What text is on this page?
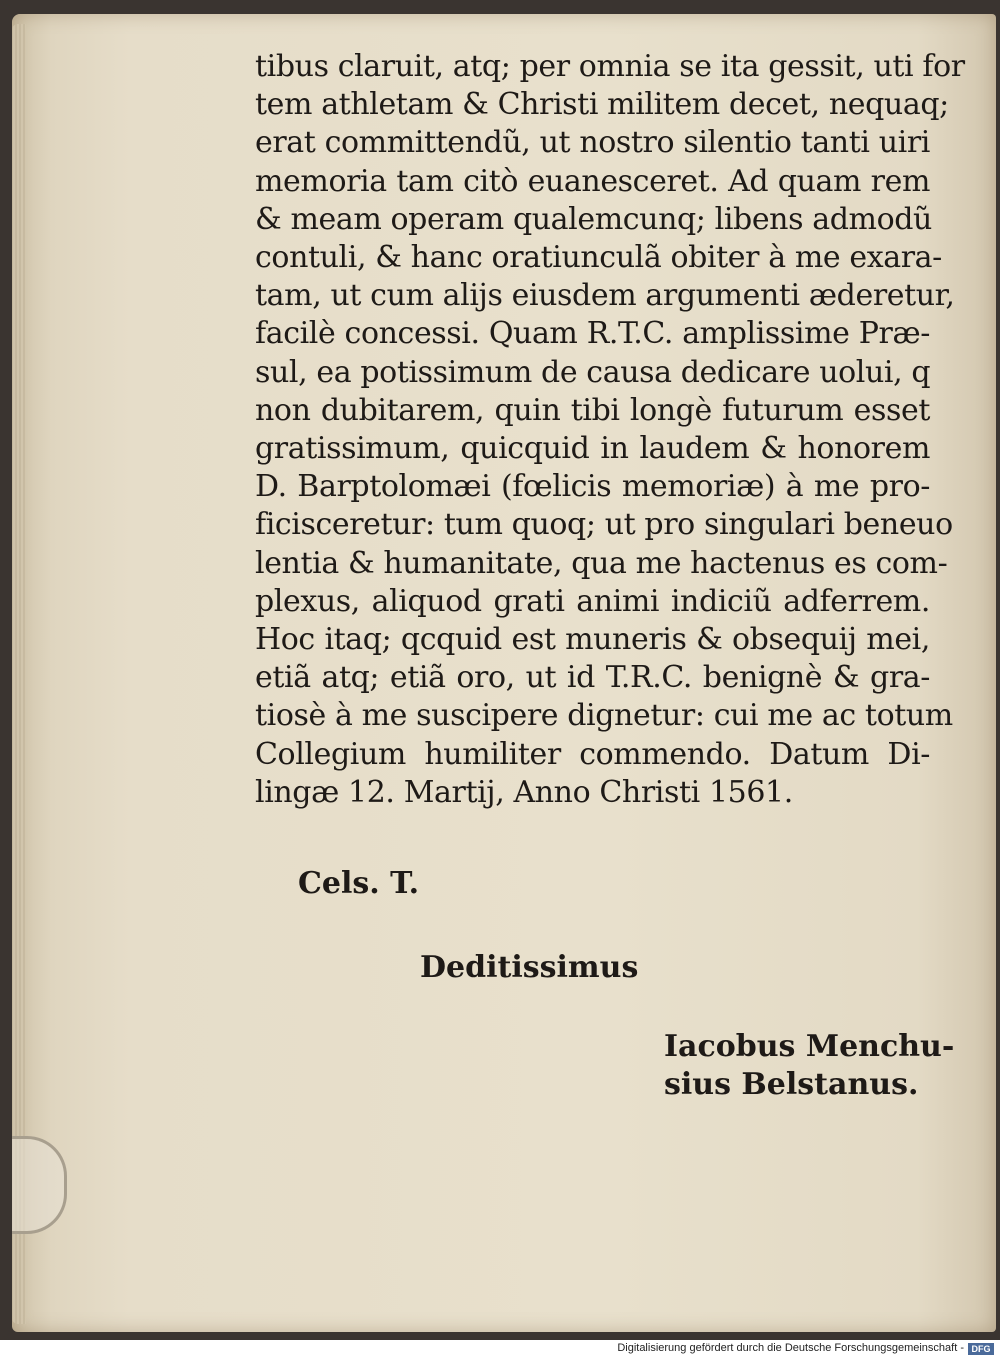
tibus claruit, atq; per omnia se ita gessit, uti for
tem athletam & Christi militem decet, nequaq;
erat committendũ, ut nostro silentio tanti uiri
memoria tam citò euanesceret. Ad quam rem
& meam operam qualemcunq; libens admodũ
contuli, & hanc oratiunculã obiter à me exara-
tam, ut cum alijs eiusdem argumenti æderetur,
facilè concessi. Quam R.T.C. amplissime Præ-
sul, ea potissimum de causa dedicare uolui, q
non dubitarem, quin tibi longè futurum esset
gratissimum, quicquid in laudem & honorem
D. Barptolomæi (fœlicis memoriæ) à me pro-
ficisceretur: tum quoq; ut pro singulari beneuo
lentia & humanitate, qua me hactenus es com-
plexus, aliquod grati animi indiciũ adferrem.
Hoc itaq; qcquid est muneris & obsequij mei,
etiã atq; etiã oro, ut id T.R.C. benignè & gra-
tiosè à me suscipere dignetur: cui me ac totum
Collegium humiliter commendo. Datum Di-
lingæ 12. Martij, Anno Christi 1561.
Cels. T.
Deditissimus
Iacobus Menchu-
sius Belstanus.
Digitalisierung gefördert durch die Deutsche Forschungsgemeinschaft - DFG
